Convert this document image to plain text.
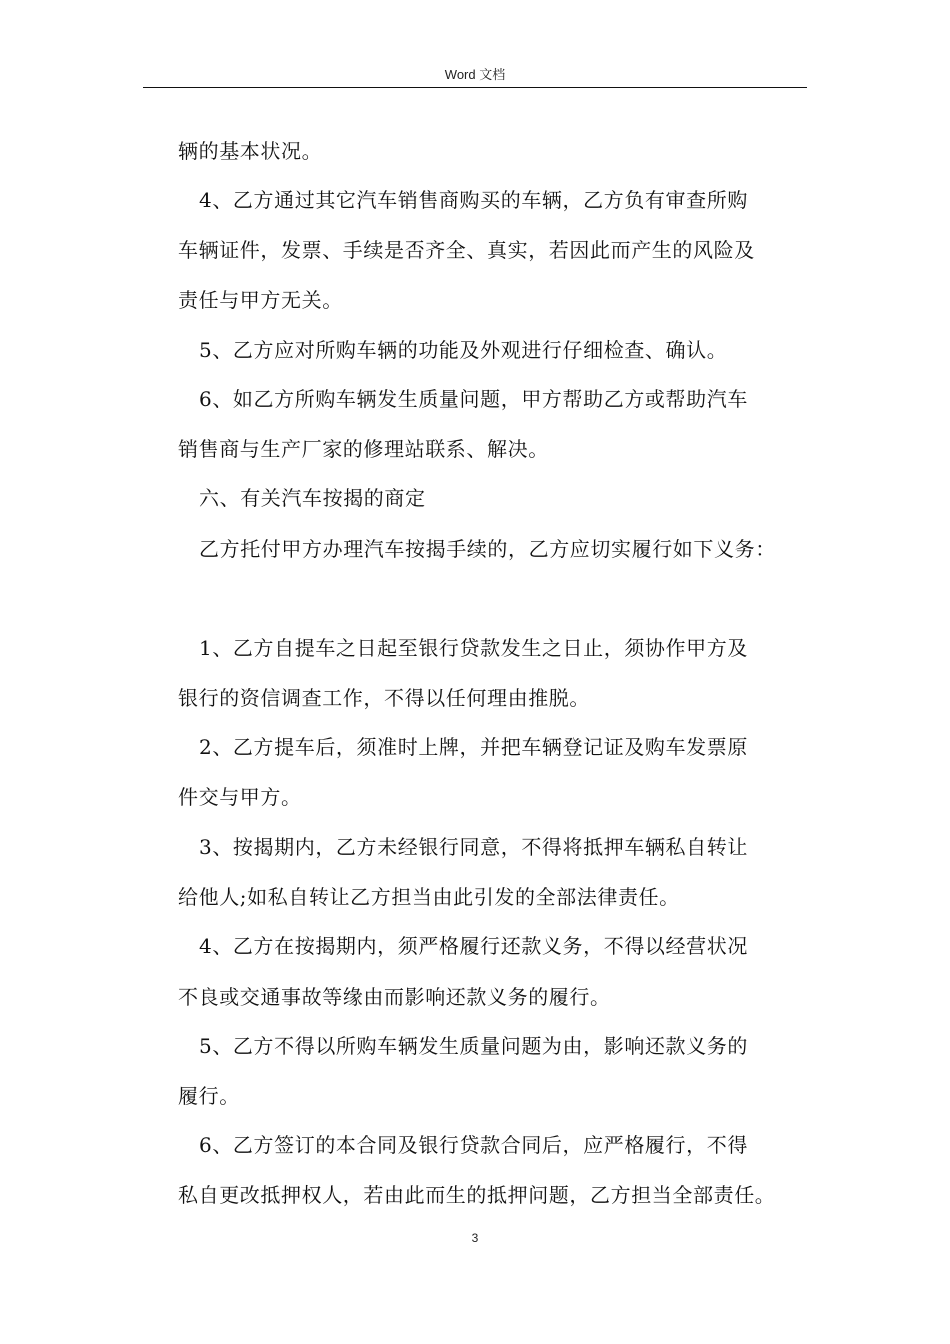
Word 文档
辆的基本状况。
4、乙方通过其它汽车销售商购买的车辆，乙方负有审查所购
车辆证件，发票、手续是否齐全、真实，若因此而产生的风险及
责任与甲方无关。
5、乙方应对所购车辆的功能及外观进行仔细检查、确认。
6、如乙方所购车辆发生质量问题，甲方帮助乙方或帮助汽车
销售商与生产厂家的修理站联系、解决。
六、有关汽车按揭的商定
乙方托付甲方办理汽车按揭手续的，乙方应切实履行如下义务：
1、乙方自提车之日起至银行贷款发生之日止，须协作甲方及
银行的资信调查工作，不得以任何理由推脱。
2、乙方提车后，须准时上牌，并把车辆登记证及购车发票原
件交与甲方。
3、按揭期内，乙方未经银行同意，不得将抵押车辆私自转让
给他人;如私自转让乙方担当由此引发的全部法律责任。
4、乙方在按揭期内，须严格履行还款义务，不得以经营状况
不良或交通事故等缘由而影响还款义务的履行。
5、乙方不得以所购车辆发生质量问题为由，影响还款义务的
履行。
6、乙方签订的本合同及银行贷款合同后，应严格履行，不得
私自更改抵押权人，若由此而生的抵押问题，乙方担当全部责任。
3
